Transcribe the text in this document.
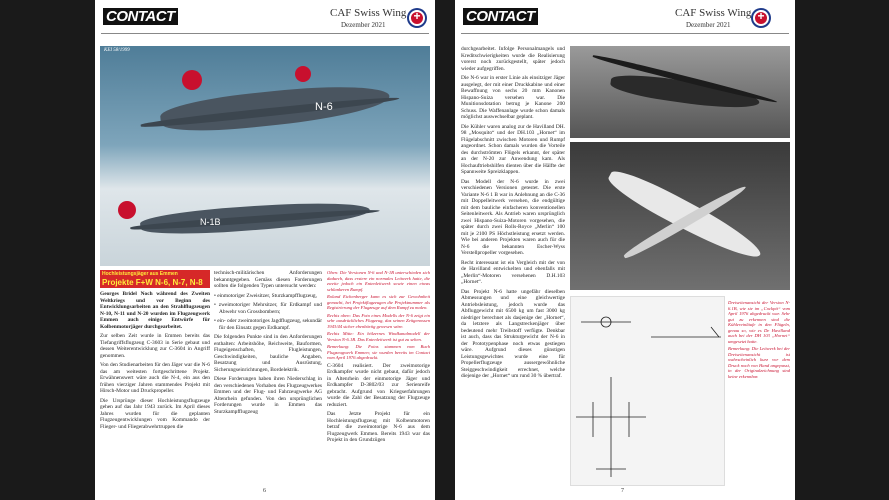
CONTACT	CAF Swiss Wing
Dezember 2021
+
KEI 58/1999
N-6
N-1B
Hochleistungsjäger aus Emmen
Projekte F+W N-6, N-7, N-8

Georges Bridel Noch während des Zweiten Weltkriegs und vor Beginn des Entwicklungsarbeiten an den Strahlflugzeugen N-10, N-11 und N-20 wurden im Flugzeugwerk Emmen auch einige Entwürfe für Kolbenmotorjäger durchgearbeitet.

Zur selben Zeit wurde in Emmen bereits das Tiefangriffsflugzeug C-3603 in Serie gebaut und dessen Weiterentwicklung zur C-3604 in Angriff genommen.

Von den Studienarbeiten für den Jäger war die N-6 das am weitesten fortgeschrittene Projekt. Erwähnenswert wäre auch die N-4, ein aus den frühen vierziger Jahren stammendes Projekt mit Hirsch-Motor und Druckpropeller.

Die Ursprünge dieser Hochleistungsflugzeuge gehen auf das Jahr 1943 zurück. Im April dieses Jahres wurden für die geplanten Flugzeugentwicklungen vom Kommando der Flieger- und Fliegerabwehrtruppen die

technisch-militärischen Anforderungen bekanntgegeben. Gemäss diesen Forderungen sollten die folgenden Typen untersucht werden:

• einmotoriger Zweisitzer, Sturzkampfflugzeug,

• zweimotoriger Mehrsitzer, für Erdkampf und Abwehr von Grossbombern;

• ein- oder zweimotoriges Jagdflugzeug, sekundär für den Einsatz gegen Erdkampf.

Die folgenden Punkte sind in den Anforderungen enthalten: Arbeitshöhe, Reichweite, Bauformen, Flugeigenschaften, Flugleistungen, Geschwindigkeiten, bauliche Angaben, Besatzung und Ausrüstung, Sicherungseinrichtungen, Bordelektrik.

Diese Forderungen haben ihren Niederschlag in den verschiedenen Vorhaben des Flugzeugwerkes Emmen und der Flug- und Fahrzeugwerke AG Altenrhein gefunden. Von den ursprünglichen Forderungen wurde in Emmen das Sturzkampfflugzeug

Oben: Die Versionen N-6 und N-1B unterschieden sich dadurch, dass erstere ein normales Leitwerk hatte, die zweite jedoch ein Entenleitwerk sowie einen etwas schlankeren Rumpf.

Roland Eichenberger kann es sich zur Gewohnheit gemacht, bei Projektflugzeugen die Projektnummer als Registrierung der Flugzeuge auf dem Rumpf zu malen.

Rechts oben: Das Foto eines Modells der N-6 zeigt ein sehr ausdrückliches Flugzeug, das seinen Zeitgenossen 1943/44 sicher ebenbürtig gewesen wäre.

Rechts Mitte: Ein hölzernes Windkanalmodell der Version N-6.1B. Das Entenleitwerk ist gut zu sehen.

Bemerkung: Die Fotos stammen vom Buch Flugzeugwerk Emmen; sie wurden bereits im Contact vom April 1976 abgedruckt.

C-3604 realisiert. Der zweimotorige Erdkampfer wurde nicht gebaut, dafür jedoch in Altenrhein der einmotorige Jäger und Erdkampfer D-3802/03 zur Serienreife gebracht. Aufgrund von Kriegserfahrungen wurde die Zahl der Besatzung der Flugzeuge reduziert.

Das Jetzte Projekt für ein Hochleistungsflugzeug mit Kolbenmotoren betraf die zweimotorige N-6 aus dem Flugzeugwerk Emmen. Bereits 1943 war das Projekt in den Grundzügen

6
CONTACT	CAF Swiss Wing
Dezember 2021
+

durchgearbeitet. Infolge Personalmangels und Kreditschwierigkeiten wurde die Realisierung vorerst noch zurückgestellt, später jedoch wieder aufgegriffen.

Die N-6 war in erster Linie als einsitziger Jäger ausgelegt, der mit einer Druckkabine und einer Bewaffnung von sechs 20 mm Kanonen Hispano-Suiza versehen war. Die Munitionsdotation betrug je Kanone 200 Schuss. Die Waffenanlage wurde schon damals möglichst auswechselbar geplant.

Die Kühler waren analog zur de Havilland DH. 98 „Mosquito“ und der DH.103 „Hornet“ im Flügelabschnitt zwischen Motoren und Rumpf angeordnet. Schon damals wurden die Vorteile des durchströmten Flügels erkannt, der später an der N-20 zur Anwendung kam. Als Hochauftriebshilfen dienten über die Hälfte der Spannweite Spreizklappen.

Das Modell der N-6 wurde in zwei verschiedenen Versionen getestet. Die erste Variante N-6 1 B war in Anlehnung an die C-36 mit Doppelleitwerk versehen, die endgültige mit dem bauliche einfacheren konventionellen Seitenleitwerk. Als Antrieb waren ursprünglich zwei Hispano-Suiza-Motoren vorgesehen, die später durch zwei Rolls-Royce „Merlin“ 100 mit je 2100 PS Höchstleistung ersetzt werden. Wie bei anderen Projekten waren auch für die N-6 die bekannten Escher-Wyss Verstellpropeller vorgesehen.

Recht interessant ist ein Vergleich mit der von de Havilland entwickelten und ebenfalls mit „Merlin“-Motoren versehenen D.H.103 „Hornet“.

Das Projekt N-6 hatte ungefähr dieselben Abmessungen und eine gleichwertige Antriebsleistung, jedoch wurde das Abfluggewicht mit 6500 kg um fast 3000 kg niedriger berechnet als dasjenige der „Hornet“, da letztere als Langstreckenjäger über bedeutend mehr Treibstoff verfügte. Denkbar ist auch, dass das Strukturgewicht der N-6 in der Prototypenphase noch etwas gestiegen wäre. Aufgrund dieses günstigen Leistungsgewichtes wurde eine für Propellerflugzeuge aussergewöhnliche Steiggeschwindigkeit errechnet, welche diejenige der „Hornet“ um rund 30 % übertraf.

Dreiseitenansicht der Version N-6.1B, wie sie im „Cockpit“ vom April 1976 abgedruckt war. Sehr gut zu erkennen sind die Kühlereinläufe in den Flügeln, genau so, wie es De Havilland auch bei der DH 103 „Hornet“ umgesetzt hatte.

Bemerkung: Die Leitwerk bei der Dreiseitenansicht ist wahrscheinlich kurz vor dem Druck noch von Hand angepasst, in der Originalzeichnung sind keine erkennbar.

7
